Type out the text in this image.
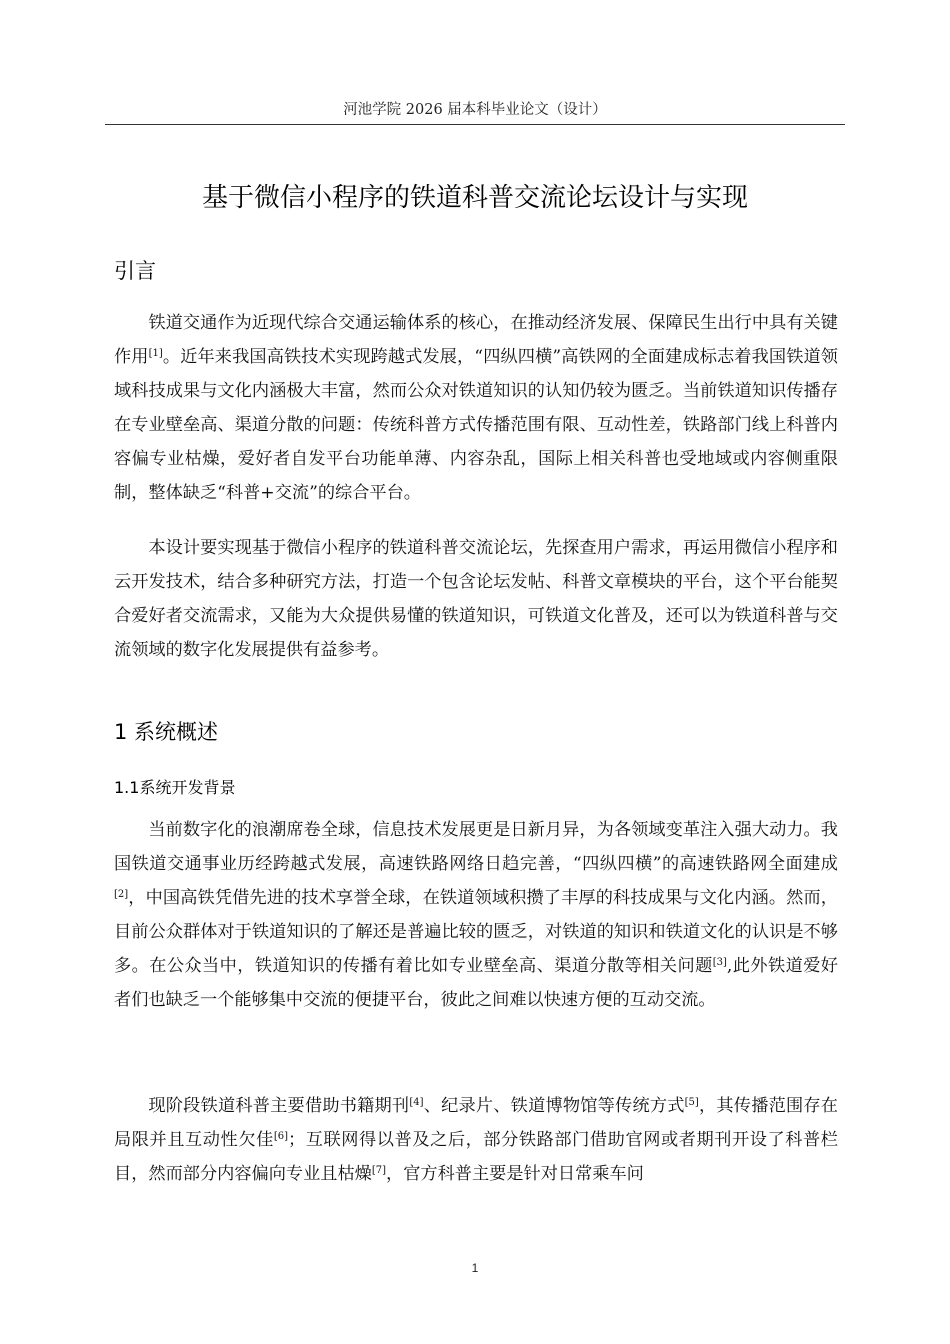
河池学院 2026 届本科毕业论文（设计）
基于微信小程序的铁道科普交流论坛设计与实现
引言
铁道交通作为近现代综合交通运输体系的核心，在推动经济发展、保障民生出行中具有关键作用[1]。近年来我国高铁技术实现跨越式发展，“四纵四横”高铁网的全面建成标志着我国铁道领域科技成果与文化内涵极大丰富，然而公众对铁道知识的认知仍较为匮乏。当前铁道知识传播存在专业壁垒高、渠道分散的问题：传统科普方式传播范围有限、互动性差，铁路部门线上科普内容偏专业枯燥，爱好者自发平台功能单薄、内容杂乱，国际上相关科普也受地域或内容侧重限制，整体缺乏“科普+交流”的综合平台。
本设计要实现基于微信小程序的铁道科普交流论坛，先探查用户需求，再运用微信小程序和云开发技术，结合多种研究方法，打造一个包含论坛发帖、科普文章模块的平台，这个平台能契合爱好者交流需求，又能为大众提供易懂的铁道知识，可铁道文化普及，还可以为铁道科普与交流领域的数字化发展提供有益参考。
1 系统概述
1.1系统开发背景
当前数字化的浪潮席卷全球，信息技术发展更是日新月异，为各领域变革注入强大动力。我国铁道交通事业历经跨越式发展，高速铁路网络日趋完善，“四纵四横”的高速铁路网全面建成[2]，中国高铁凭借先进的技术享誉全球，在铁道领域积攒了丰厚的科技成果与文化内涵。然而，目前公众群体对于铁道知识的了解还是普遍比较的匮乏，对铁道的知识和铁道文化的认识是不够多。在公众当中，铁道知识的传播有着比如专业壁垒高、渠道分散等相关问题[3],此外铁道爱好者们也缺乏一个能够集中交流的便捷平台，彼此之间难以快速方便的互动交流。
现阶段铁道科普主要借助书籍期刊[4]、纪录片、铁道博物馆等传统方式[5]，其传播范围存在局限并且互动性欠佳[6]；互联网得以普及之后，部分铁路部门借助官网或者期刊开设了科普栏目，然而部分内容偏向专业且枯燥[7]，官方科普主要是针对日常乘车问
1
